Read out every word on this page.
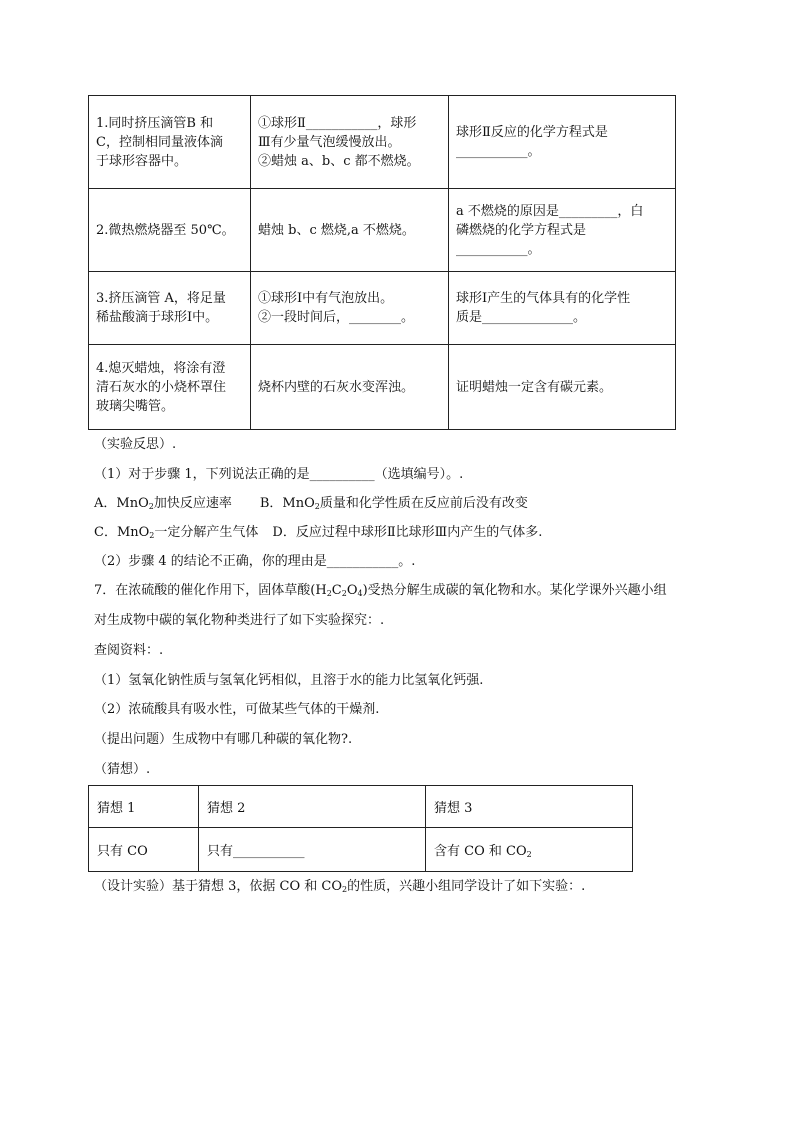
1.同时挤压滴管B 和
C，控制相同量液体滴
于球形容器中。	①球形Ⅱ___________，球形
Ⅲ有少量气泡缓慢放出。
②蜡烛 a、b、c 都不燃烧。	球形Ⅱ反应的化学方程式是
___________。

2.微热燃烧器至 50℃。	蜡烛 b、c 燃烧,a 不燃烧。	a 不燃烧的原因是_________，白
磷燃烧的化学方程式是
___________。

3.挤压滴管 A，将足量
稀盐酸滴于球形Ⅰ中。	①球形Ⅰ中有气泡放出。
②一段时间后，________。	球形Ⅰ产生的气体具有的化学性
质是______________。

4.熄灭蜡烛，将涂有澄
清石灰水的小烧杯罩住
玻璃尖嘴管。	烧杯内壁的石灰水变浑浊。	证明蜡烛一定含有碳元素。
（实验反思）.
（1）对于步骤 1，下列说法正确的是__________（选填编号）。.
A．MnO$_2$加快反应速率 B．MnO$_2$质量和化学性质在反应前后没有改变
C．MnO$_2$一定分解产生气体 D．反应过程中球形Ⅱ比球形Ⅲ内产生的气体多.
（2）步骤 4 的结论不正确，你的理由是___________。.
7．在浓硫酸的催化作用下，固体草酸$(H_2C_2O_4)$受热分解生成碳的氧化物和水。某化学课外兴趣小组
对生成物中碳的氧化物种类进行了如下实验探究：.
查阅资料：.
（1）氢氧化钠性质与氢氧化钙相似，且溶于水的能力比氢氧化钙强.
（2）浓硫酸具有吸水性，可做某些气体的干燥剂.
（提出问题）生成物中有哪几种碳的氧化物?.
（猜想）.
猜想 1	猜想 2	猜想 3
只有 CO	只有___________	含有 CO 和 $CO_2$
（设计实验）基于猜想 3，依据 CO 和 $CO_2$的性质，兴趣小组同学设计了如下实验：.
